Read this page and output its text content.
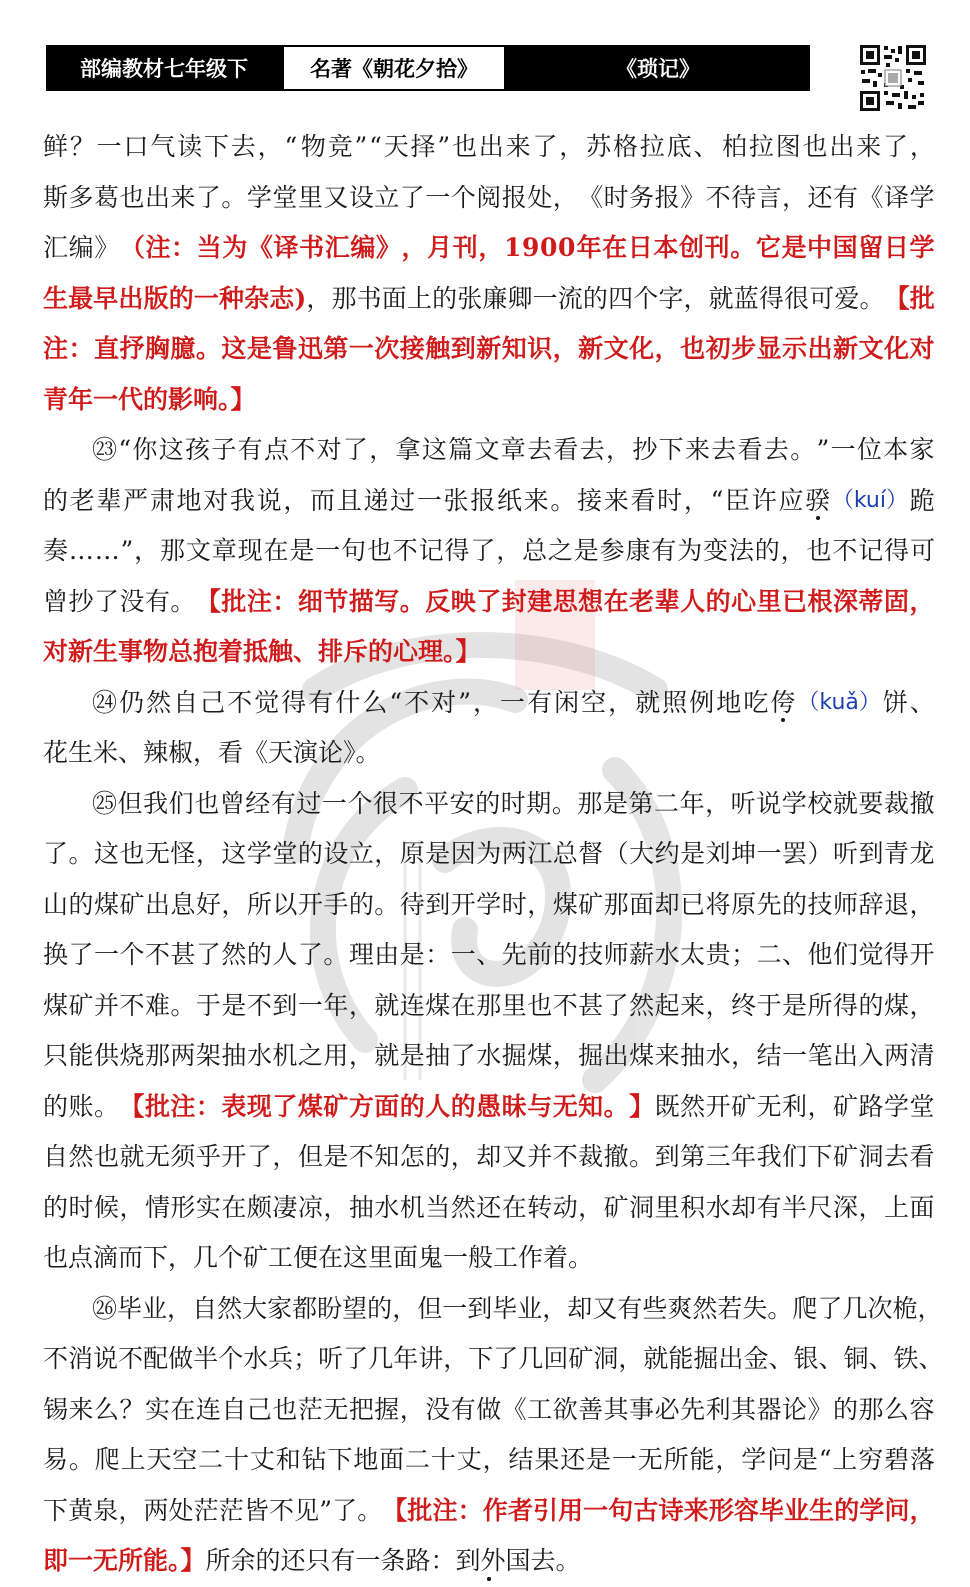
部编教材七年级下	名著《朝花夕拾》	《琐记》
鲜 ？ 一 口 气 读 下 去 ， “ 物 竞 ” “ 天 择 ” 也 出 来 了 ， 苏 格 拉 底 、 柏 拉 图 也 出 来 了 ，
斯 多 葛 也 出 来 了 。 学 堂 里 又 设 立 了 一 个 阅 报 处 ， 《 时 务 报 》 不 待 言 ， 还 有 《 译 学
汇 编 》 （ 注 ： 当 为 《 译 书 汇 编 》 ， 月 刊 ， 1 9 0 0 年 在 日 本 创 刊 。 它 是 中 国 留 日 学
生 最 早 出 版 的 一 种 杂 志 ) ， 那 书 面 上 的 张 廉 卿 一 流 的 四 个 字 ， 就 蓝 得 很 可 爱 。 【 批
注 ： 直 抒 胸 臆 。 这 是 鲁 迅 第 一 次 接 触 到 新 知 识 ， 新 文 化 ， 也 初 步 显 示 出 新 文 化 对
青年一代的影响。】
㉓ “ 你 这 孩 子 有 点 不 对 了 ， 拿 这 篇 文 章 去 看 去 ， 抄 下 来 去 看 去 。 ” 一 位 本 家
的 老 辈 严 肃 地 对 我 说 ， 而 且 递 过 一 张 报 纸 来 。 接 来 看 时 ， “ 臣 许 应 骙 （kuí） 跪
奏 … … ” ， 那 文 章 现 在 是 一 句 也 不 记 得 了 ， 总 之 是 参 康 有 为 变 法 的 ， 也 不 记 得 可
曾 抄 了 没 有 。 【 批 注 ： 细 节 描 写 。 反 映 了 封 建 思 想 在 老 辈 人 的 心 里 已 根 深 蒂 固 ，
对新生事物总抱着抵触、排斥的心理。】
㉔ 仍 然 自 己 不 觉 得 有 什 么 “ 不 对 ” ， 一 有 闲 空 ， 就 照 例 地 吃 侉 （kuǎ） 饼 、
花生米、辣椒，看《天演论》。
㉕ 但 我 们 也 曾 经 有 过 一 个 很 不 平 安 的 时 期 。 那 是 第 二 年 ， 听 说 学 校 就 要 裁 撤
了 。 这 也 无 怪 ， 这 学 堂 的 设 立 ， 原 是 因 为 两 江 总 督 （ 大 约 是 刘 坤 一 罢 ） 听 到 青 龙
山 的 煤 矿 出 息 好 ， 所 以 开 手 的 。 待 到 开 学 时 ， 煤 矿 那 面 却 已 将 原 先 的 技 师 辞 退 ，
换 了 一 个 不 甚 了 然 的 人 了 。 理 由 是 ： 一 、 先 前 的 技 师 薪 水 太 贵 ； 二 、 他 们 觉 得 开
煤 矿 并 不 难 。 于 是 不 到 一 年 ， 就 连 煤 在 那 里 也 不 甚 了 然 起 来 ， 终 于 是 所 得 的 煤 ，
只 能 供 烧 那 两 架 抽 水 机 之 用 ， 就 是 抽 了 水 掘 煤 ， 掘 出 煤 来 抽 水 ， 结 一 笔 出 入 两 清
的 账 。 【 批 注 ： 表 现 了 煤 矿 方 面 的 人 的 愚 昧 与 无 知 。 】 既 然 开 矿 无 利 ， 矿 路 学 堂
自 然 也 就 无 须 乎 开 了 ， 但 是 不 知 怎 的 ， 却 又 并 不 裁 撤 。 到 第 三 年 我 们 下 矿 洞 去 看
的 时 候 ， 情 形 实 在 颇 凄 凉 ， 抽 水 机 当 然 还 在 转 动 ， 矿 洞 里 积 水 却 有 半 尺 深 ， 上 面
也点滴而下，几个矿工便在这里面鬼一般工作着。
㉖ 毕 业 ， 自 然 大 家 都 盼 望 的 ， 但 一 到 毕 业 ， 却 又 有 些 爽 然 若 失 。 爬 了 几 次 桅 ，
不 消 说 不 配 做 半 个 水 兵 ； 听 了 几 年 讲 ， 下 了 几 回 矿 洞 ， 就 能 掘 出 金 、 银 、 铜 、 铁 、
锡 来 么 ？ 实 在 连 自 己 也 茫 无 把 握 ， 没 有 做 《 工 欲 善 其 事 必 先 利 其 器 论 》 的 那 么 容
易 。 爬 上 天 空 二 十 丈 和 钻 下 地 面 二 十 丈 ， 结 果 还 是 一 无 所 能 ， 学 问 是 “ 上 穷 碧 落
下 黄 泉 ， 两 处 茫 茫 皆 不 见 ” 了 。 【 批 注 ： 作 者 引 用 一 句 古 诗 来 形 容 毕 业 生 的 学 问 ，
即一无所能。】 所余的还只有一条路：到外国去。
